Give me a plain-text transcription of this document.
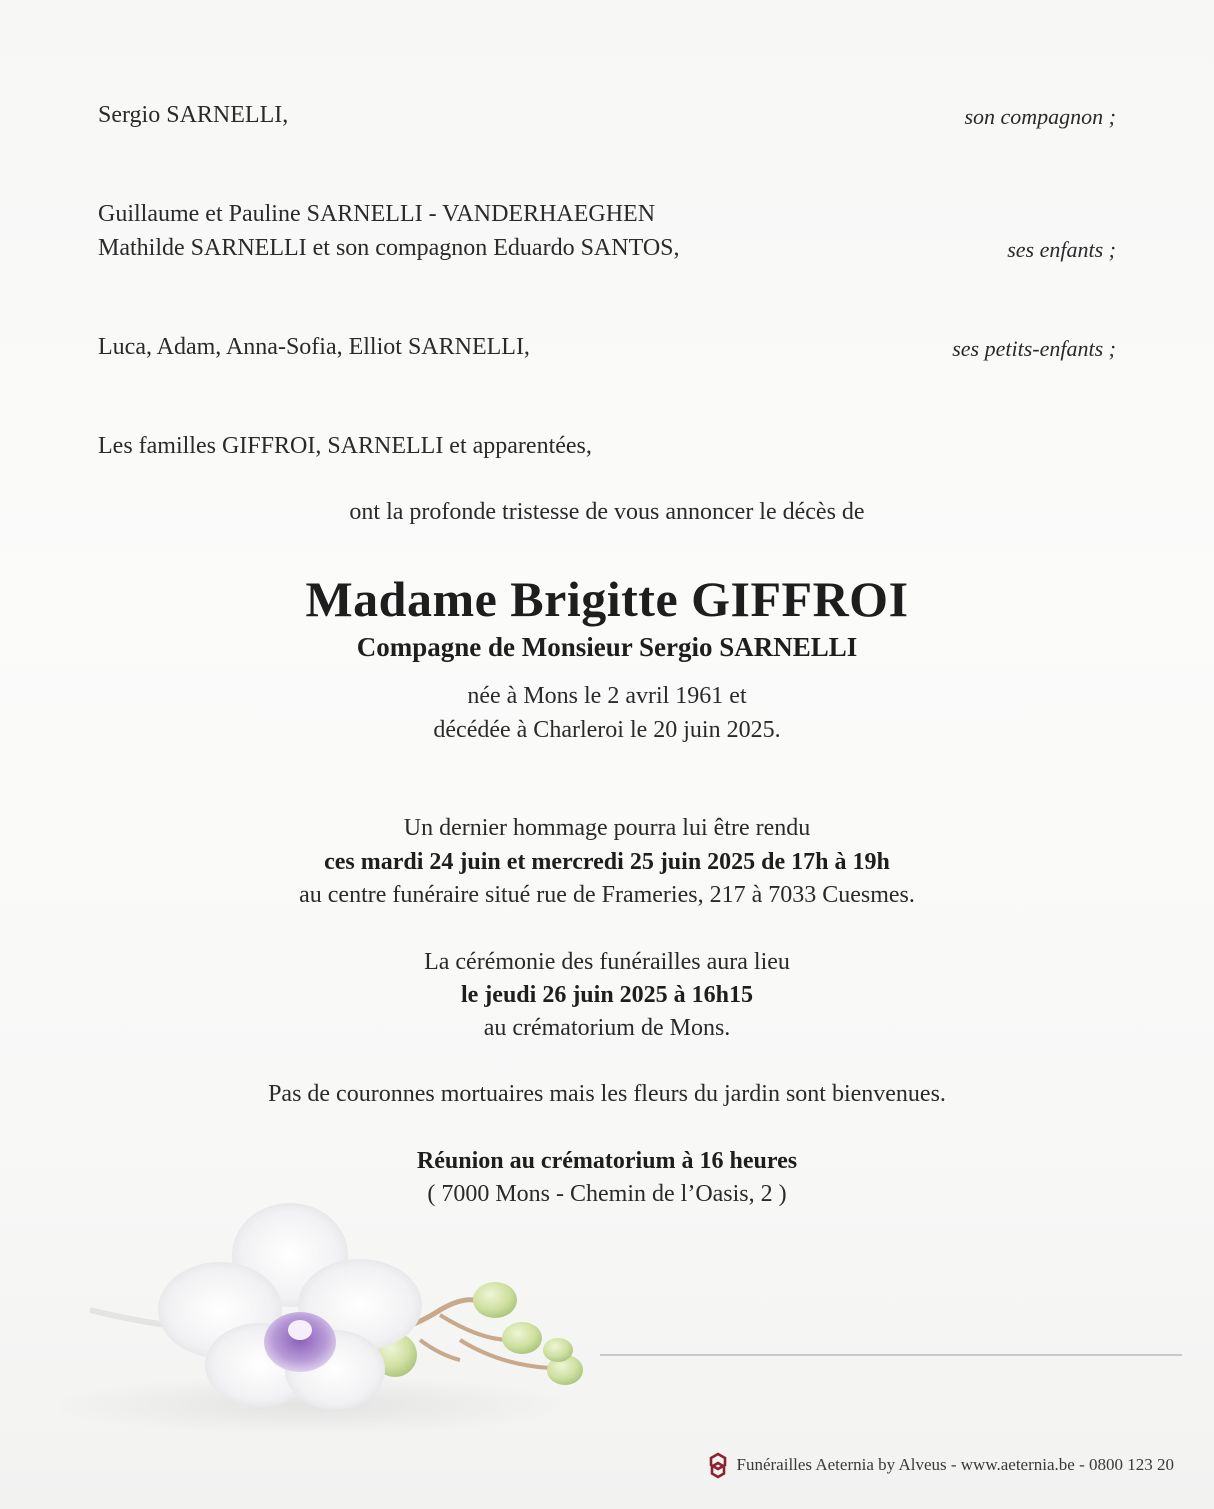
Sergio SARNELLI,	son compagnon ;
Guillaume et Pauline SARNELLI - VANDERHAEGHEN
Mathilde SARNELLI et son compagnon Eduardo SANTOS,	ses enfants ;
Luca, Adam, Anna-Sofia, Elliot SARNELLI,	ses petits-enfants ;
Les familles GIFFROI, SARNELLI et apparentées,
ont la profonde tristesse de vous annoncer le décès de
Madame Brigitte GIFFROI
Compagne de Monsieur Sergio SARNELLI
née à Mons le 2 avril 1961 et
décédée à Charleroi le 20 juin 2025.
Un dernier hommage pourra lui être rendu
ces mardi 24 juin et mercredi 25 juin 2025 de 17h à 19h
au centre funéraire situé rue de Frameries, 217 à 7033 Cuesmes.
La cérémonie des funérailles aura lieu
le jeudi 26 juin 2025 à 16h15
au crématorium de Mons.
Pas de couronnes mortuaires mais les fleurs du jardin sont bienvenues.
Réunion au crématorium à 16 heures
( 7000 Mons - Chemin de l’Oasis, 2 )
Funérailles Aeternia by Alveus - www.aeternia.be - 0800 123 20
